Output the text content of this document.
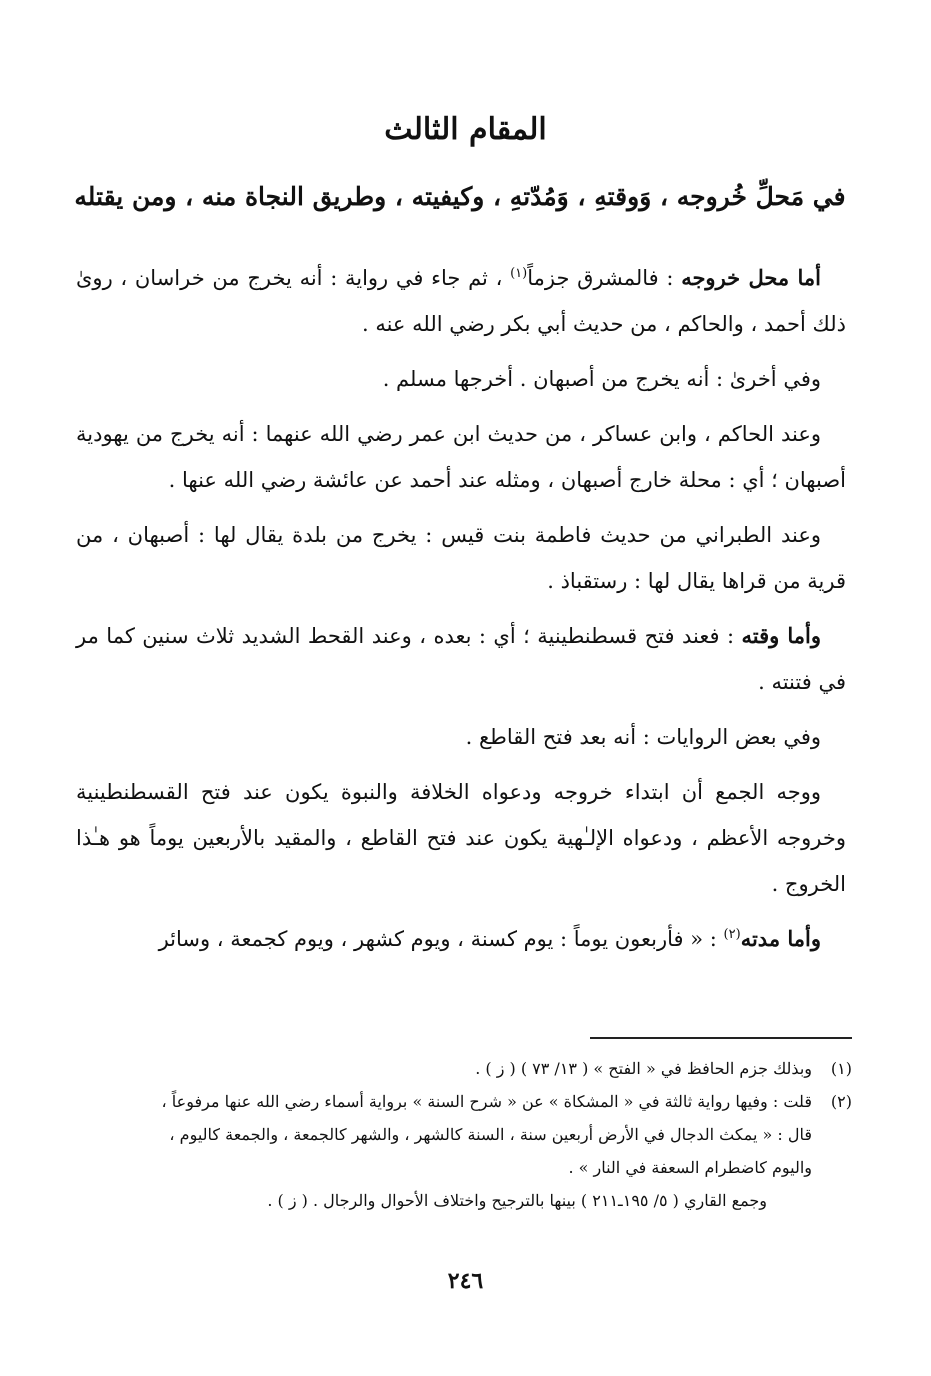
المقام الثالث
في مَحلِّ خُروجه ، وَوقتهِ ، وَمُدّتهِ ، وكيفيته ، وطريق النجاة منه ، ومن يقتله

أما محل خروجه : فالمشرق جزماً$^{(١)}$ ، ثم جاء في رواية : أنه يخرج من خراسان ، روىٰ ذلك أحمد ، والحاكم ، من حديث أبي بكر رضي الله عنه .

وفي أخرىٰ : أنه يخرج من أصبهان . أخرجها مسلم .

وعند الحاكم ، وابن عساكر ، من حديث ابن عمر رضي الله عنهما : أنه يخرج من يهودية أصبهان ؛ أي : محلة خارج أصبهان ، ومثله عند أحمد عن عائشة رضي الله عنها .

وعند الطبراني من حديث فاطمة بنت قيس : يخرج من بلدة يقال لها : أصبهان ، من قرية من قراها يقال لها : رستقباذ .

وأما وقته : فعند فتح قسطنطينية ؛ أي : بعده ، وعند القحط الشديد ثلاث سنين كما مر في فتنته .

وفي بعض الروايات : أنه بعد فتح القاطع .

ووجه الجمع أن ابتداء خروجه ودعواه الخلافة والنبوة يكون عند فتح القسطنطينية وخروجه الأعظم ، ودعواه الإلـٰهية يكون عند فتح القاطع ، والمقيد بالأربعين يوماً هو هـٰذا الخروج .

وأما مدته$^{(٢)}$ : « فأربعون يوماً : يوم كسنة ، ويوم كشهر ، ويوم كجمعة ، وسائر

(١)
وبذلك جزم الحافظ في « الفتح » ( ١٣/ ٧٣ ) ( ز ) .
(٢)
قلت : وفيها رواية ثالثة في « المشكاة » عن « شرح السنة » برواية أسماء رضي الله عنها مرفوعاً ،
قال : « يمكث الدجال في الأرض أربعين سنة ، السنة كالشهر ، والشهر كالجمعة ، والجمعة كاليوم ،
واليوم كاضطرام السعفة في النار » .
وجمع القاري ( ٥/ ١٩٥ـ٢١١ ) بينها بالترجيح واختلاف الأحوال والرجال . ( ز ) .
٢٤٦
